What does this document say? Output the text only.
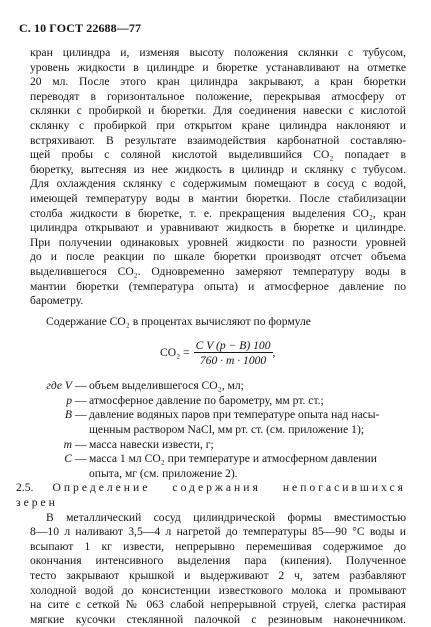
С. 10 ГОСТ 22688—77
кран цилиндра и, изменяя высоту положения склянки с тубусом,
уровень жидкости в цилиндре и бюретке устанавливают на отметке
20 мл. После этого кран цилиндра закрывают, а кран бюретки
переводят в горизонтальное положение, перекрывая атмосферу от
склянки с пробиркой и бюретки. Для соединения навески с кислотой
склянку с пробиркой при открытом кране цилиндра наклоняют и
встряхивают. В результате взаимодействия карбонатной составляю-
щей пробы с соляной кислотой выделившийся CO₂ попадает в
бюретку, вытесняя из нее жидкость в цилиндр и склянку с тубусом.
Для охлаждения склянку с содержимым помещают в сосуд с водой,
имеющей температуру воды в мантии бюретки. После стабилизации
столба жидкости в бюретке, т. е. прекращения выделения CO₂, кран
цилиндра открывают и уравнивают жидкость в бюретке и цилиндре.
При получении одинаковых уровней жидкости по разности уровней
до и после реакции по шкале бюретки производят отсчет объема
выделившегося CO₂. Одновременно замеряют температуру воды в
мантии бюретки (температура опыта) и атмосферное давление по
барометру.
Содержание CO₂ в процентах вычисляют по формуле
$CO_2 = \frac{\text{C V (p − B) 100}}{760 \cdot m \cdot 1000}$ ,
где V — объем выделившегося CO₂, мл;
p — атмосферное давление по барометру, мм рт. ст.;
B — давление водяных паров при температуре опыта над насы-
щенным раствором NaCl, мм рт. ст. (см. приложение 1);
m — масса навески извести, г;
C — масса 1 мл CO₂ при температуре и атмосферном давлении
опыта, мг (см. приложение 2).
2.5. Определение содержания непогасившихся
зерен
В металлический сосуд цилиндрической формы вместимостью
8—10 л наливают 3,5—4 л нагретой до температуры 85—90 °С воды и
всыпают 1 кг извести, непрерывно перемешивая содержимое до
окончания интенсивного выделения пара (кипения). Полученное
тесто закрывают крышкой и выдерживают 2 ч, затем разбавляют
холодной водой до консистенции известкового молока и промывают
на сите с сеткой № 063 слабой непрерывной струей, слегка растирая
мягкие кусочки стеклянной палочкой с резиновым наконечником.
